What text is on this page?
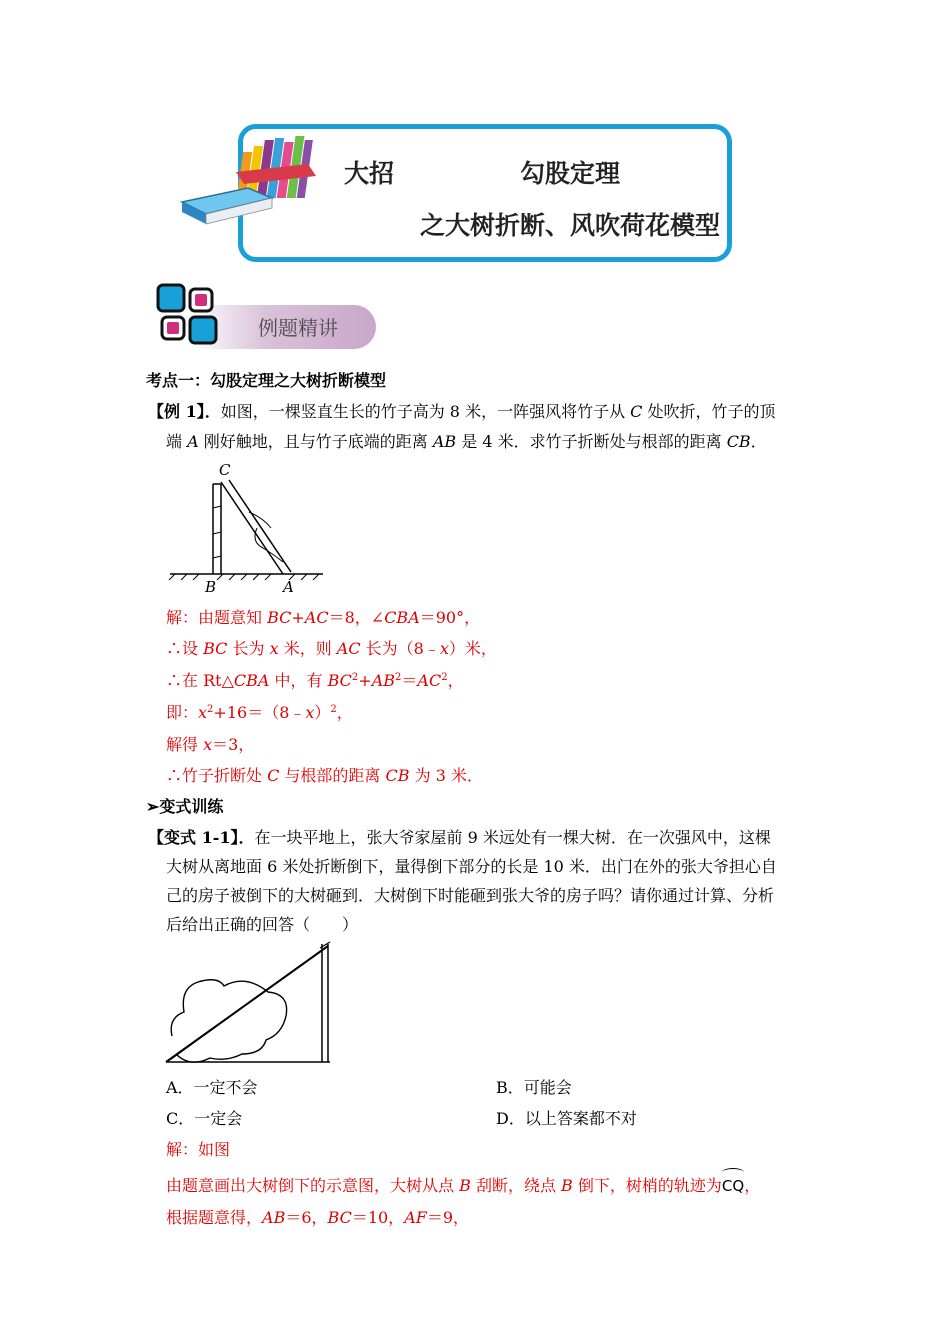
大招	勾股定理
之大树折断、风吹荷花模型
例题精讲
考点一：勾股定理之大树折断模型
【例 1】．如图，一棵竖直生长的竹子高为 8 米，一阵强风将竹子从 C 处吹折，竹子的顶
端 A 刚好触地，且与竹子底端的距离 AB 是 4 米．求竹子折断处与根部的距离 CB．
C
B	A
解：由题意知 BC+AC＝8，∠CBA＝90°，
∴设 BC 长为 x 米，则 AC 长为（8﹣x）米，
∴在 Rt△CBA 中，有 $BC^2+AB^2=AC^2$，
即：$x^2+16=(8﹣x)^2$，
解得 x＝3，
∴竹子折断处 C 与根部的距离 CB 为 3 米．
➢变式训练
【变式 1-1】．在一块平地上，张大爷家屋前 9 米远处有一棵大树．在一次强风中，这棵
大树从离地面 6 米处折断倒下，量得倒下部分的长是 10 米．出门在外的张大爷担心自
己的房子被倒下的大树砸到．大树倒下时能砸到张大爷的房子吗？请你通过计算、分析
后给出正确的回答（　　）
A．一定不会	B．可能会
C．一定会	D．以上答案都不对
解：如图
由题意画出大树倒下的示意图，大树从点 B 刮断，绕点 B 倒下，树梢的轨迹为
CQ，
根据题意得，AB＝6，BC＝10，AF＝9，
